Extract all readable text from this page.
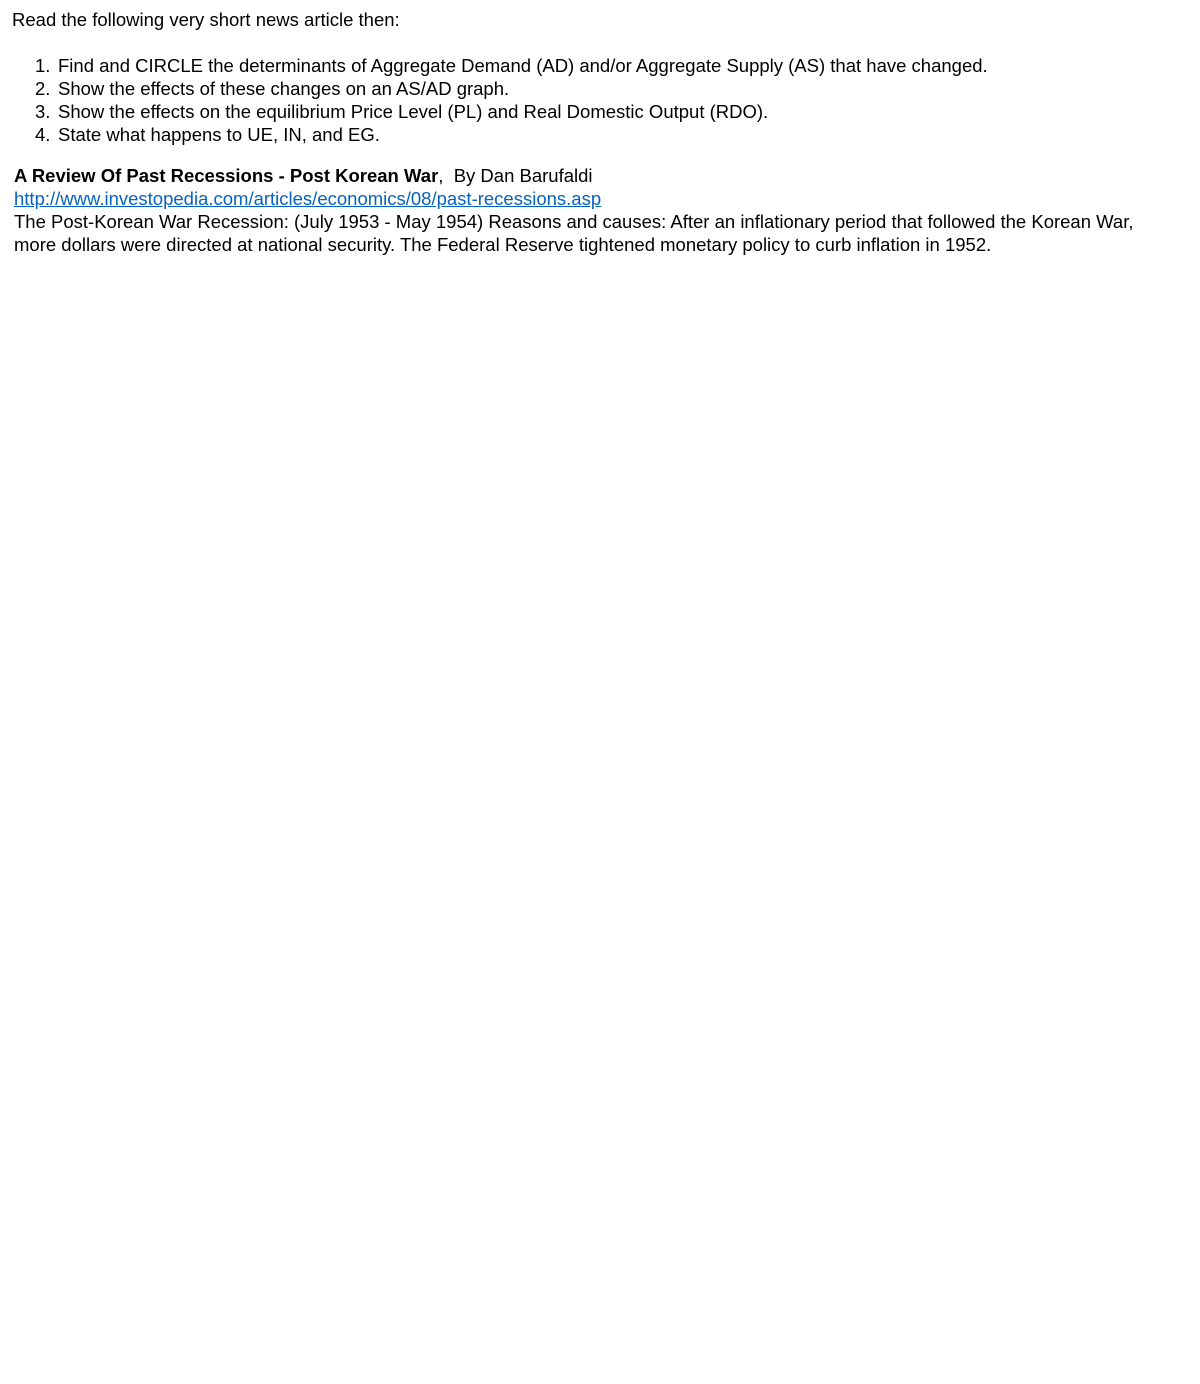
Read the following very short news article then:

1. Find and CIRCLE the determinants of Aggregate Demand (AD) and/or Aggregate Supply (AS) that have changed.
2. Show the effects of these changes on an AS/AD graph.
3. Show the effects on the equilibrium Price Level (PL) and Real Domestic Output (RDO).
4. State what happens to UE, IN, and EG.
A Review Of Past Recessions - Post Korean War,  By Dan Barufaldi
http://www.investopedia.com/articles/economics/08/past-recessions.asp

The Post-Korean War Recession: (July 1953 - May 1954) Reasons and causes: After an inflationary period that followed the Korean War, more dollars were directed at national security. The Federal Reserve tightened monetary policy to curb inflation in 1952.
